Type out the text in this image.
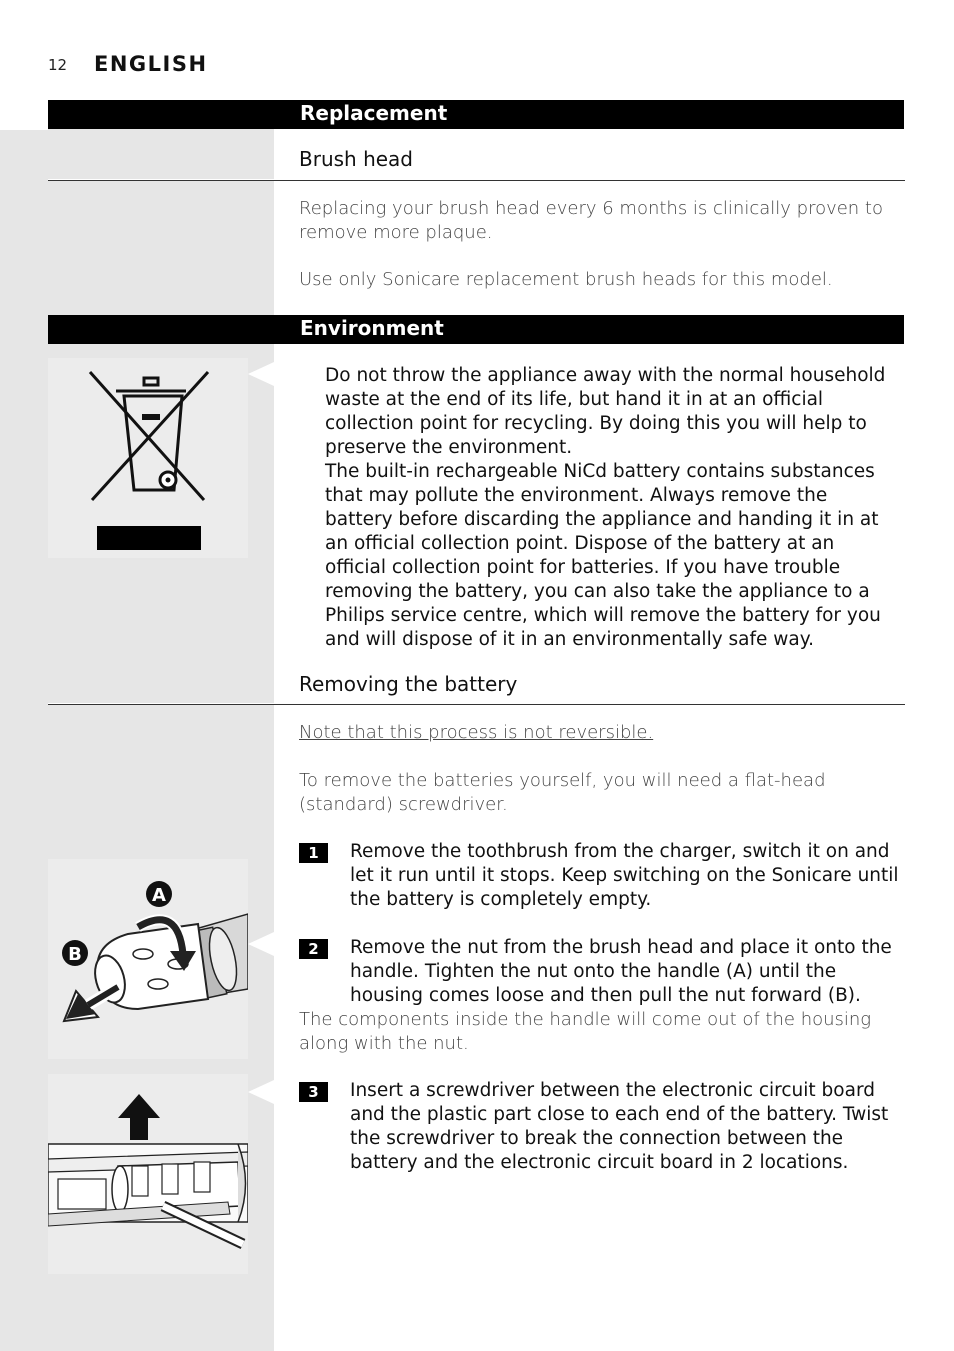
12 ENGLISH
Replacement
Brush head
Replacing your brush head every 6 months is clinically proven to remove more plaque.
Use only Sonicare replacement brush heads for this model.
Environment
Do not throw the appliance away with the normal household waste at the end of its life, but hand it in at an official collection point for recycling. By doing this you will help to preserve the environment.
The built-in rechargeable NiCd battery contains substances that may pollute the environment. Always remove the battery before discarding the appliance and handing it in at an official collection point. Dispose of the battery at an official collection point for batteries. If you have trouble removing the battery, you can also take the appliance to a Philips service centre, which will remove the battery for you and will dispose of it in an environmentally safe way.
Removing the battery
Note that this process is not reversible.
To remove the batteries yourself, you will need a flat-head (standard) screwdriver.
1	Remove the toothbrush from the charger, switch it on and let it run until it stops. Keep switching on the Sonicare until the battery is completely empty.
A
B	2	Remove the nut from the brush head and place it onto the handle. Tighten the nut onto the handle (A) until the housing comes loose and then pull the nut forward (B).
The components inside the handle will come out of the housing along with the nut.
3	Insert a screwdriver between the electronic circuit board and the plastic part close to each end of the battery. Twist the screwdriver to break the connection between the battery and the electronic circuit board in 2 locations.
